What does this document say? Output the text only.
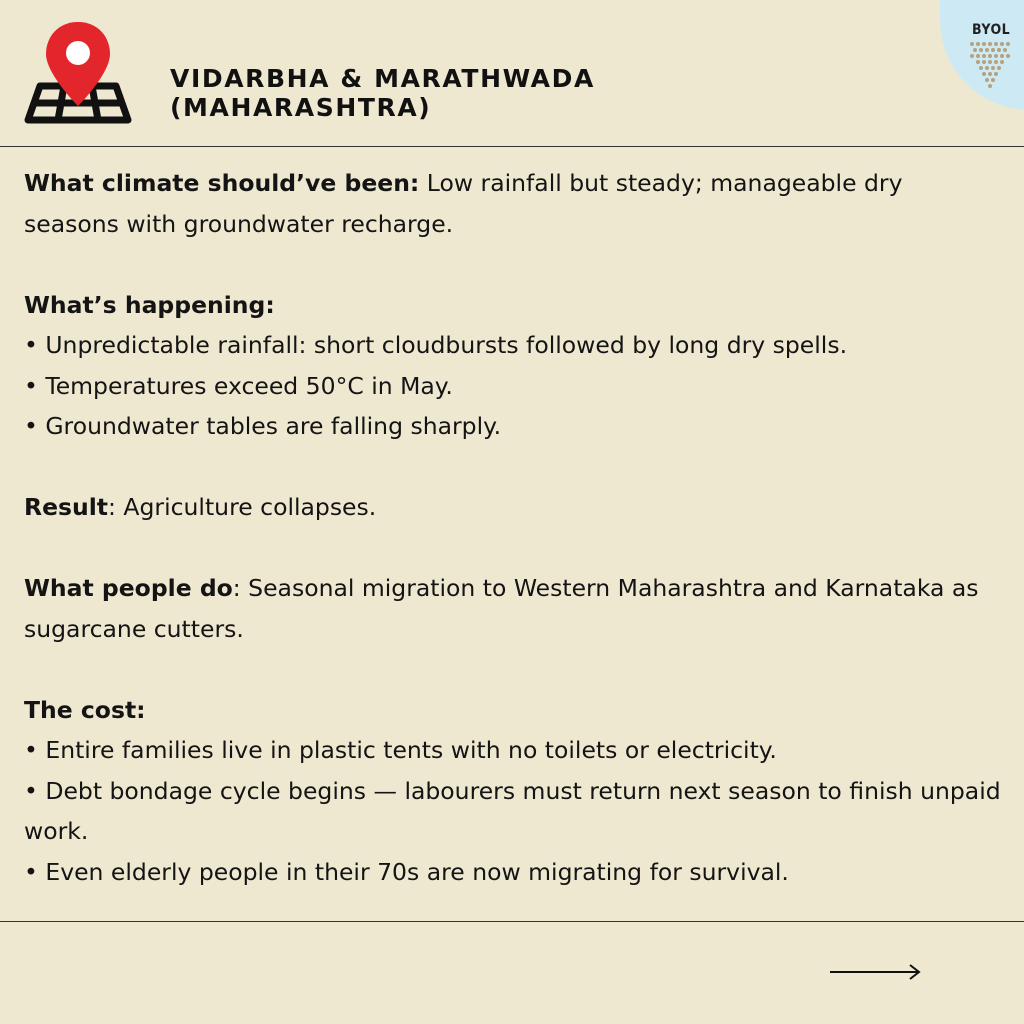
VIDARBHA & MARATHWADA
(MAHARASHTRA)
BYOL

What climate should’ve been: Low rainfall but steady; manageable dry seasons with groundwater recharge.

What’s happening:

• Unpredictable rainfall: short cloudbursts followed by long dry spells.
• Temperatures exceed 50°C in May.
• Groundwater tables are falling sharply.

Result: Agriculture collapses.

What people do: Seasonal migration to Western Maharashtra and Karnataka as sugarcane cutters.

The cost:

• Entire families live in plastic tents with no toilets or electricity.
• Debt bondage cycle begins — labourers must return next season to finish unpaid work.
• Even elderly people in their 70s are now migrating for survival.
